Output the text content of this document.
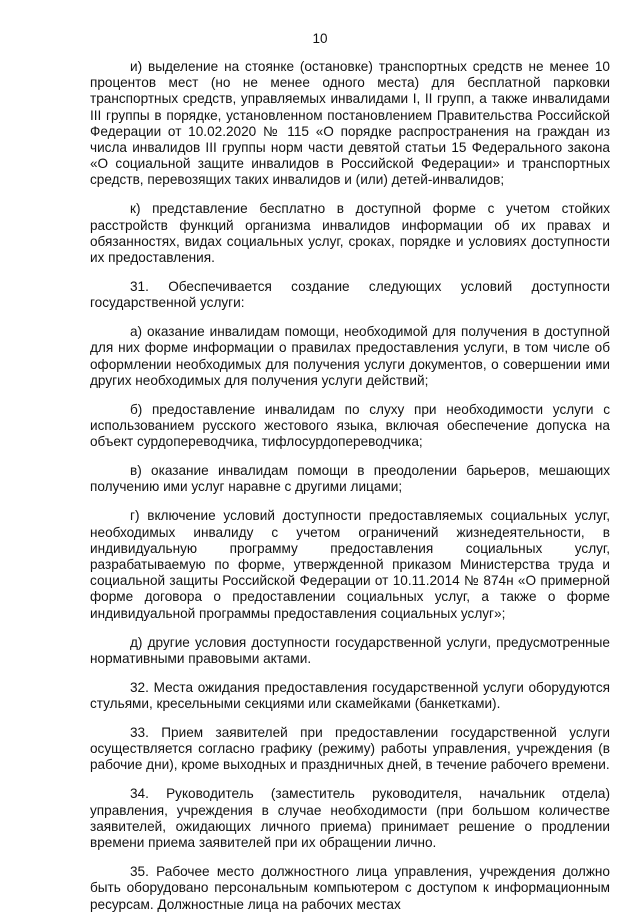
10

и) выделение на стоянке (остановке) транспортных средств не менее 10 процентов мест (но не менее одного места) для бесплатной парковки транспортных средств, управляемых инвалидами I, II групп, а также инвалидами III группы в порядке, установленном постановлением Правительства Российской Федерации от 10.02.2020 № 115 «О порядке распространения на граждан из числа инвалидов III группы норм части девятой статьи 15 Федерального закона «О социальной защите инвалидов в Российской Федерации» и транспортных средств, перевозящих таких инвалидов и (или) детей-инвалидов;

к) представление бесплатно в доступной форме с учетом стойких расстройств функций организма инвалидов информации об их правах и обязанностях, видах социальных услуг, сроках, порядке и условиях доступности их предоставления.

31. Обеспечивается создание следующих условий доступности государственной услуги:

а) оказание инвалидам помощи, необходимой для получения в доступной для них форме информации о правилах предоставления услуги, в том числе об оформлении необходимых для получения услуги документов, о совершении ими других необходимых для получения услуги действий;

б) предоставление инвалидам по слуху при необходимости услуги с использованием русского жестового языка, включая обеспечение допуска на объект сурдопереводчика, тифлосурдопереводчика;

в) оказание инвалидам помощи в преодолении барьеров, мешающих получению ими услуг наравне с другими лицами;

г) включение условий доступности предоставляемых социальных услуг, необходимых инвалиду с учетом ограничений жизнедеятельности, в индивидуальную программу предоставления социальных услуг, разрабатываемую по форме, утвержденной приказом Министерства труда и социальной защиты Российской Федерации от 10.11.2014 № 874н «О примерной форме договора о предоставлении социальных услуг, а также о форме индивидуальной программы предоставления социальных услуг»;

д) другие условия доступности государственной услуги, предусмотренные нормативными правовыми актами.

32. Места ожидания предоставления государственной услуги оборудуются стульями, кресельными секциями или скамейками (банкетками).

33. Прием заявителей при предоставлении государственной услуги осуществляется согласно графику (режиму) работы управления, учреждения (в рабочие дни), кроме выходных и праздничных дней, в течение рабочего времени.

34. Руководитель (заместитель руководителя, начальник отдела) управления, учреждения в случае необходимости (при большом количестве заявителей, ожидающих личного приема) принимает решение о продлении времени приема заявителей при их обращении лично.

35. Рабочее место должностного лица управления, учреждения должно быть оборудовано персональным компьютером с доступом к информационным ресурсам. Должностные лица на рабочих местах
